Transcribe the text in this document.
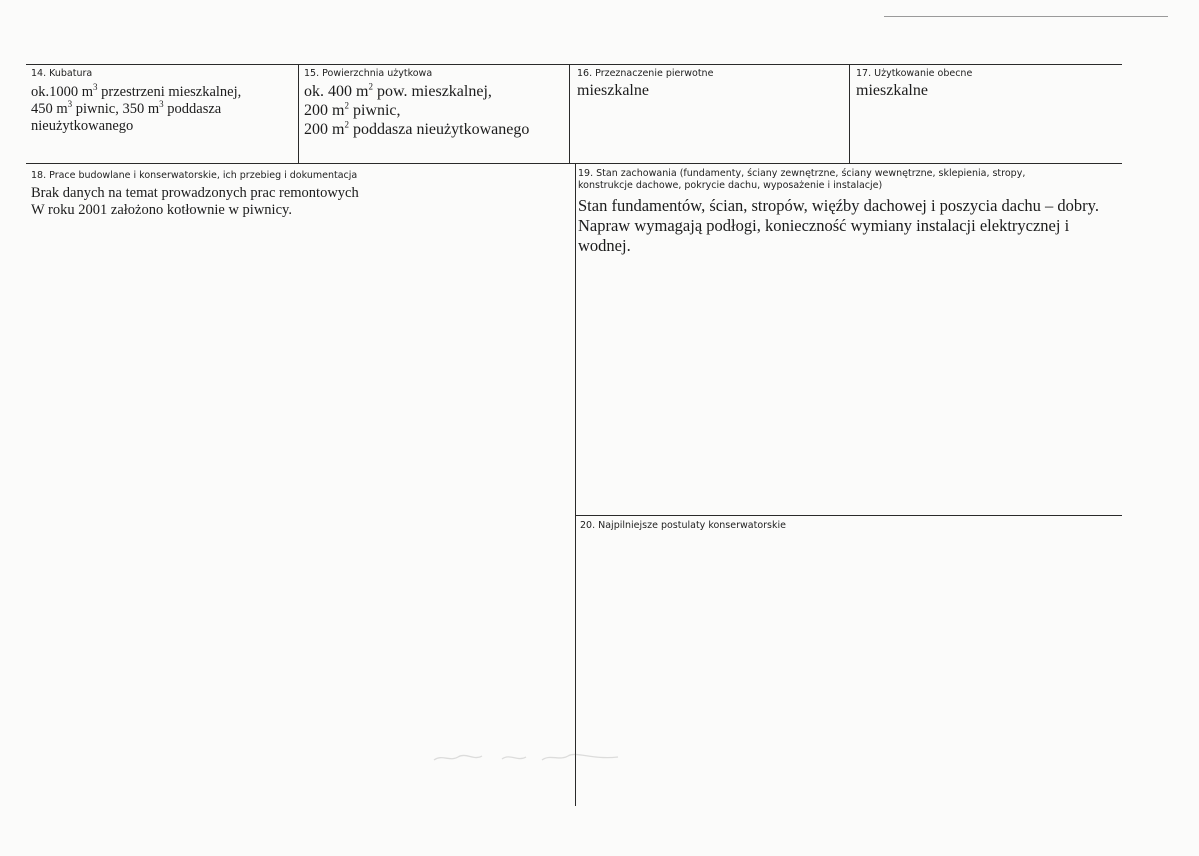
14. Kubatura
ok.1000 $m^3$ przestrzeni mieszkalnej,
450 $m^3$ piwnic, 350 $m^3$ poddasza
nieużytkowanego
15. Powierzchnia użytkowa
ok. 400 $m^2$ pow. mieszkalnej,
200 $m^2$ piwnic,
200 $m^2$ poddasza nieużytkowanego
16. Przeznaczenie pierwotne
mieszkalne
17. Użytkowanie obecne
mieszkalne
18. Prace budowlane i konserwatorskie, ich przebieg i dokumentacja
Brak danych na temat prowadzonych prac remontowych
W roku 2001 założono kotłownie w piwnicy.
19. Stan zachowania (fundamenty, ściany zewnętrzne, ściany wewnętrzne, sklepienia, stropy, konstrukcje dachowe, pokrycie dachu, wyposażenie i instalacje)
Stan fundamentów, ścian, stropów, więźby dachowej i poszycia dachu – dobry. Napraw wymagają podłogi, konieczność wymiany instalacji elektrycznej i wodnej.
20. Najpilniejsze postulaty konserwatorskie
